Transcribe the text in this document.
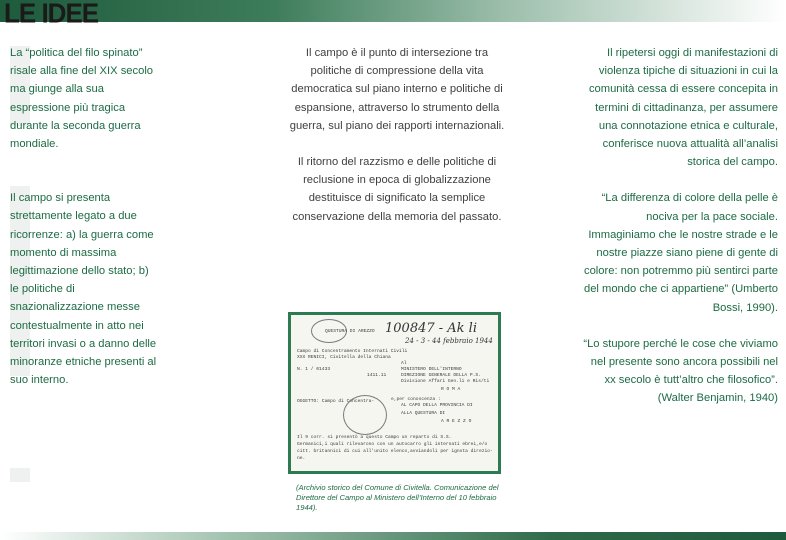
LE IDEE

La “politica del filo spinato” risale alla fine del XIX secolo ma giunge alla sua espressione più tragica durante la seconda guerra mondiale.

Il campo si presenta strettamente legato a due ricorrenze: a) la guerra come momento di massima legittimazione dello stato; b) le politiche di snazionalizzazione messe contestualmente in atto nei territori invasi o a danno delle minoranze etniche presenti al suo interno.

Il campo è il punto di intersezione tra politiche di compressione della vita democratica sul piano interno e politiche di espansione, attraverso lo strumento della guerra, sul piano dei rapporti internazionali.

Il ritorno del razzismo e delle politiche di reclusione in epoca di globalizzazione destituisce di significato la semplice conservazione della memoria del passato.

Il ripetersi oggi di manifestazioni di violenza tipiche di situazioni in cui la comunità cessa di essere concepita in termini di cittadinanza, per assumere una connotazione etnica e culturale, conferisce nuova attualità all’analisi storica del campo.

“La differenza di colore della pelle è nociva per la pace sociale. Immaginiamo che le nostre strade e le nostre piazze siano piene di gente di colore: non potremmo più sentirci parte del mondo che ci appartiene” (Umberto Bossi, 1990).

“Lo stupore perché le cose che viviamo nel presente sono ancora possibili nel xx secolo è tutt’altro che filosofico”.

(Walter Benjamin, 1940)

QUESTURA DI AREZZO 100847 - Ak li
24 - 3 - 44 febbraio 1944
Campo di Concentramento Internati Civili
XXX RENICI, Civitella della Chiana
N. 1 / 01433
1411.11
Al
MINISTERO DELL'INTERNO
DIREZIONE GENERALE DELLA P.S.
Divisione Affari Gen.li e Ris/ti
R O M A
e,per conoscenza :
AL CAPO DELLA PROVINCIA DI
ALLA QUESTURA DI
A R E Z Z O
OGGETTO: Campo di Concentra-
Il 9 corr. si presentò a questo Campo un reparto di S.S.
Germanici,i quali rilevarono con un autocarro gli internati ebrei,e/o
citt. britannici di cui all'unito elenco,avviandoli per ignota direzio-
ne.
(Archivio storico del Comune di Civitella. Comunicazione del Direttore del Campo al Ministero dell’Interno del 10 febbraio 1944).
